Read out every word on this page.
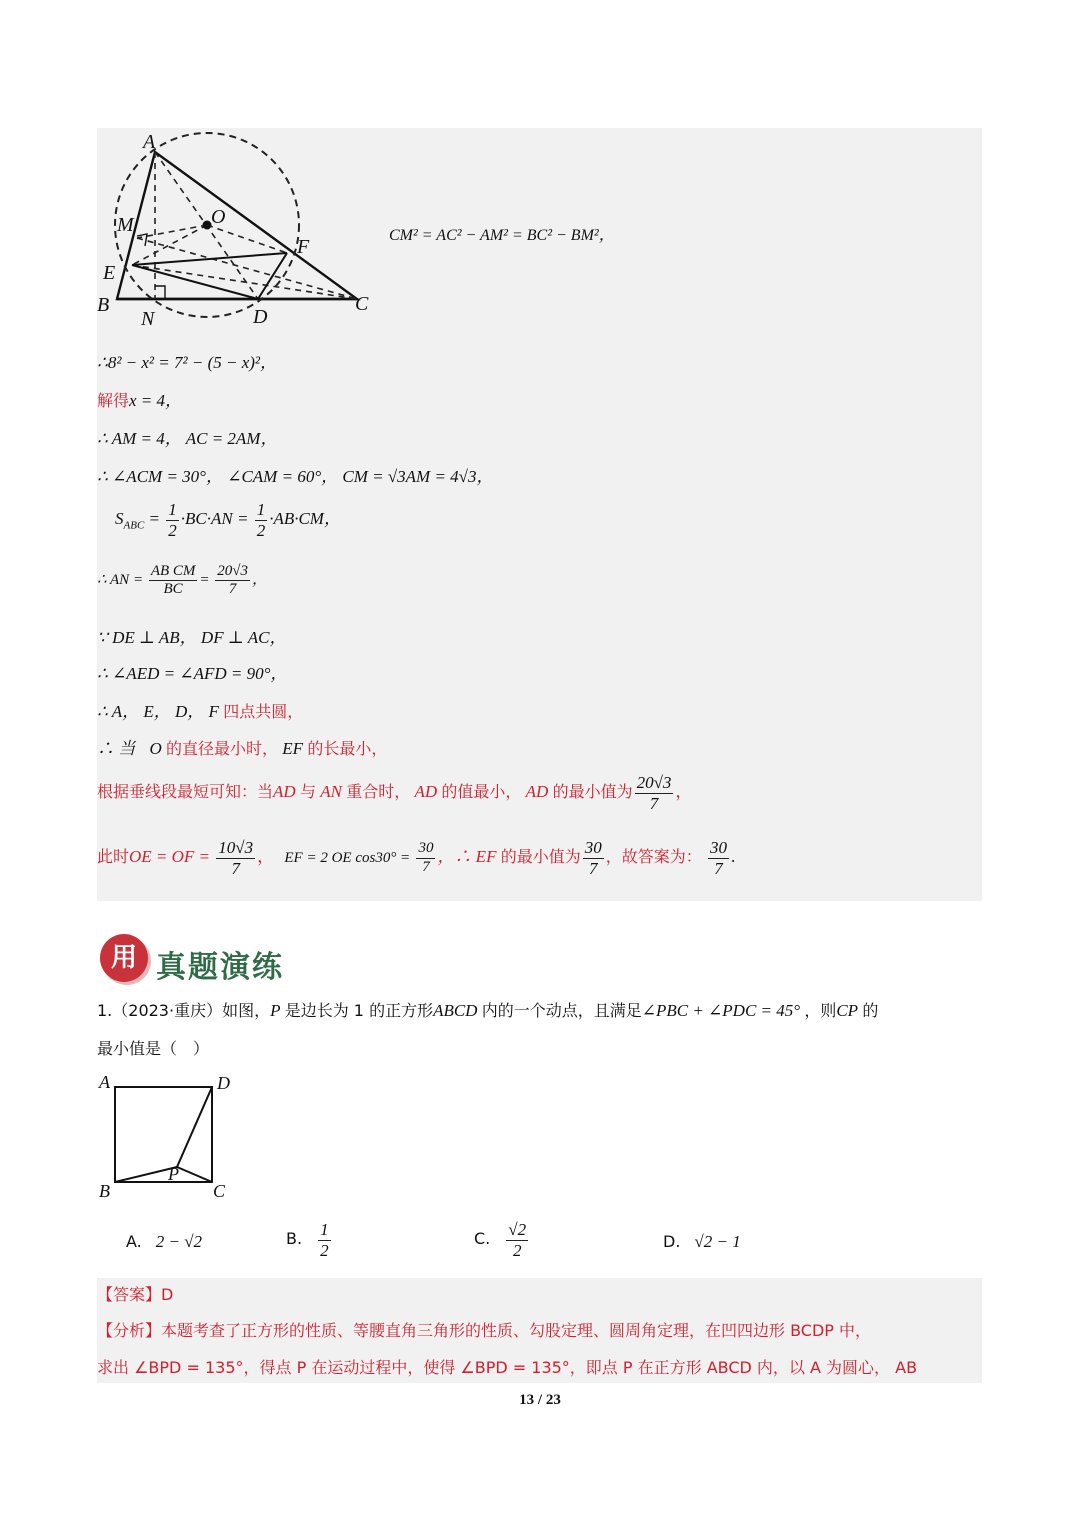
A
O
M
F
E
B
N	D
C
CM² = AC² − AM² = BC² − BM²，
∴8² − x² = 7² − (5 − x)²，
解得x = 4，
∴ AM = 4， AC = 2AM，
∴ ∠ACM = 30°， ∠CAM = 60°， CM = √3AM = 4√3，
$S_{ABC} = \frac{1}{2} \cdot BC\cdot AN = \frac{1}{2} \cdot AB\cdot CM$，
∴ AN = $\frac{\text{AB CM}}{BC} = \frac{20√3}{7}$ ，
∵ DE ⊥ AB， DF ⊥ AC，
∴ ∠AED = ∠AFD = 90°，
∴ A， E， D， F 四点共圆，
∴ 当 O 的直径最小时， EF 的长最小，
根据垂线段最短可知：当AD 与 AN 重合时， AD 的值最小， AD 的最小值为 $\frac{20√3}{7}$ ，
此时OE = OF = $\frac{10√3}{7}$ ， EF = 2 OE $\cos 30^\circ = \frac{30}{7}$ ，∴ EF 的最小值为 $\frac{30}{7}$ ，故答案为： $\frac{30}{7}$ .
用 真题演练
1.（2023·重庆）如图，P 是边长为 1 的正方形ABCD 内的一个动点，且满足∠PBC + ∠PDC = 45° ，则CP 的
最小值是（　）
A	D
B	C
P
A. 2 − √2	B. $\frac{1}{2}$	C. $\frac{√2}{2}$	D. √2 − 1
【答案】D
【分析】本题考查了正方形的性质、等腰直角三角形的性质、勾股定理、圆周角定理，在凹四边形 BCDP 中，
求出 ∠BPD = 135°，得点 P 在运动过程中，使得 ∠BPD = 135°，即点 P 在正方形 ABCD 内，以 A 为圆心， AB
13 / 23
